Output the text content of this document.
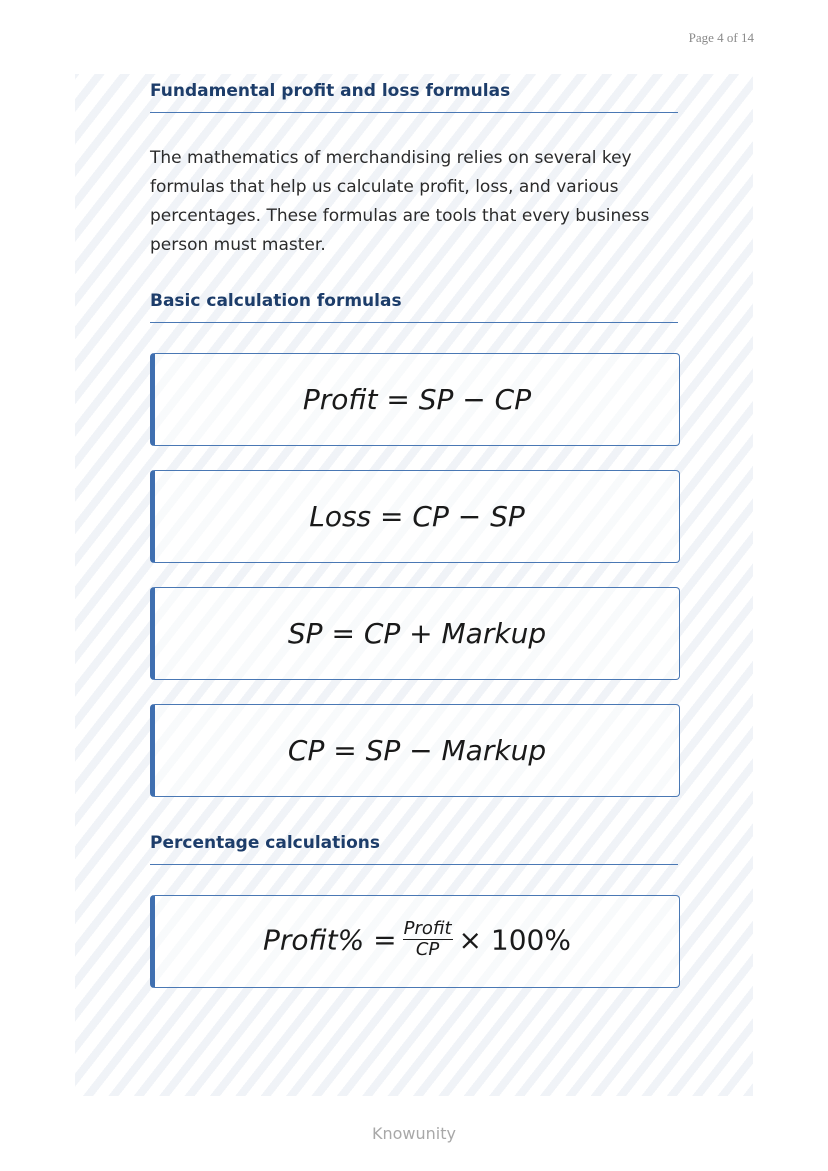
Page 4 of 14
Fundamental profit and loss formulas

The mathematics of merchandising relies on several key formulas that help us calculate profit, loss, and various percentages. These formulas are tools that every business person must master.

Basic calculation formulas
Profit = SP − CP
Loss = CP − SP
SP = CP + Markup
CP = SP − Markup
Percentage calculations
Profit% = $\frac{\text{Profit}}{CP} \times 100\%$
Knowunity
